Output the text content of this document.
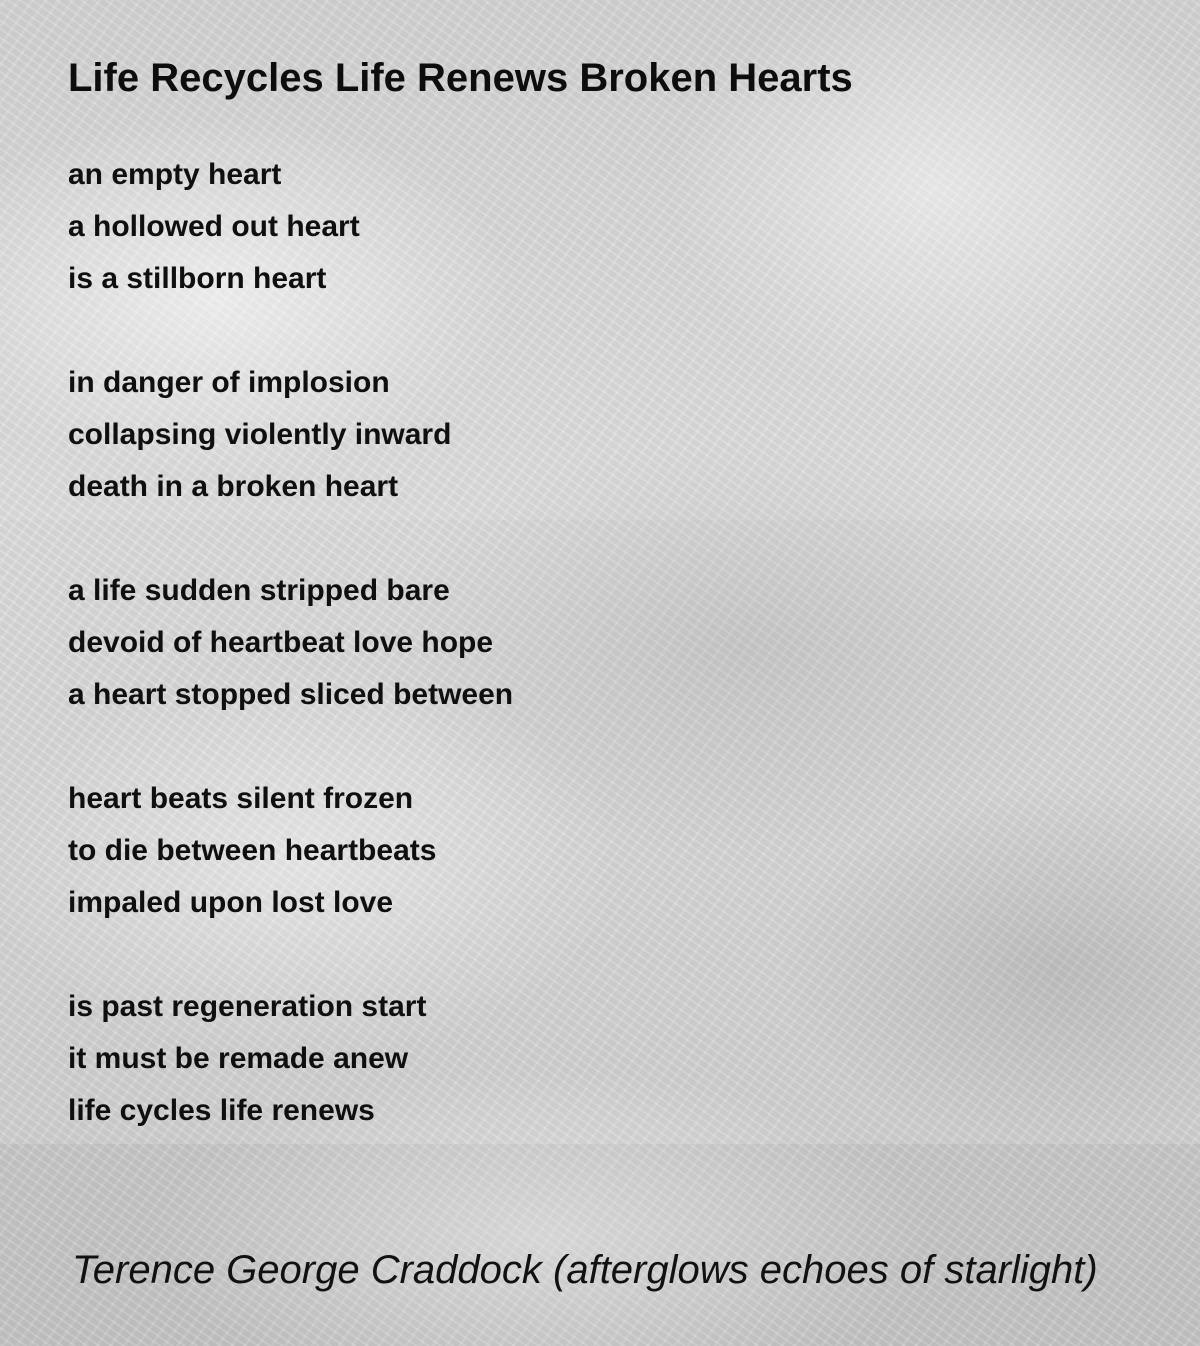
Life Recycles Life Renews Broken Hearts
an empty heart
a hollowed out heart
is a stillborn heart
in danger of implosion
collapsing violently inward
death in a broken heart
a life sudden stripped bare
devoid of heartbeat love hope
a heart stopped sliced between
heart beats silent frozen
to die between heartbeats
impaled upon lost love
is past regeneration start
it must be remade anew
life cycles life renews
Terence George Craddock (afterglows echoes of starlight)
